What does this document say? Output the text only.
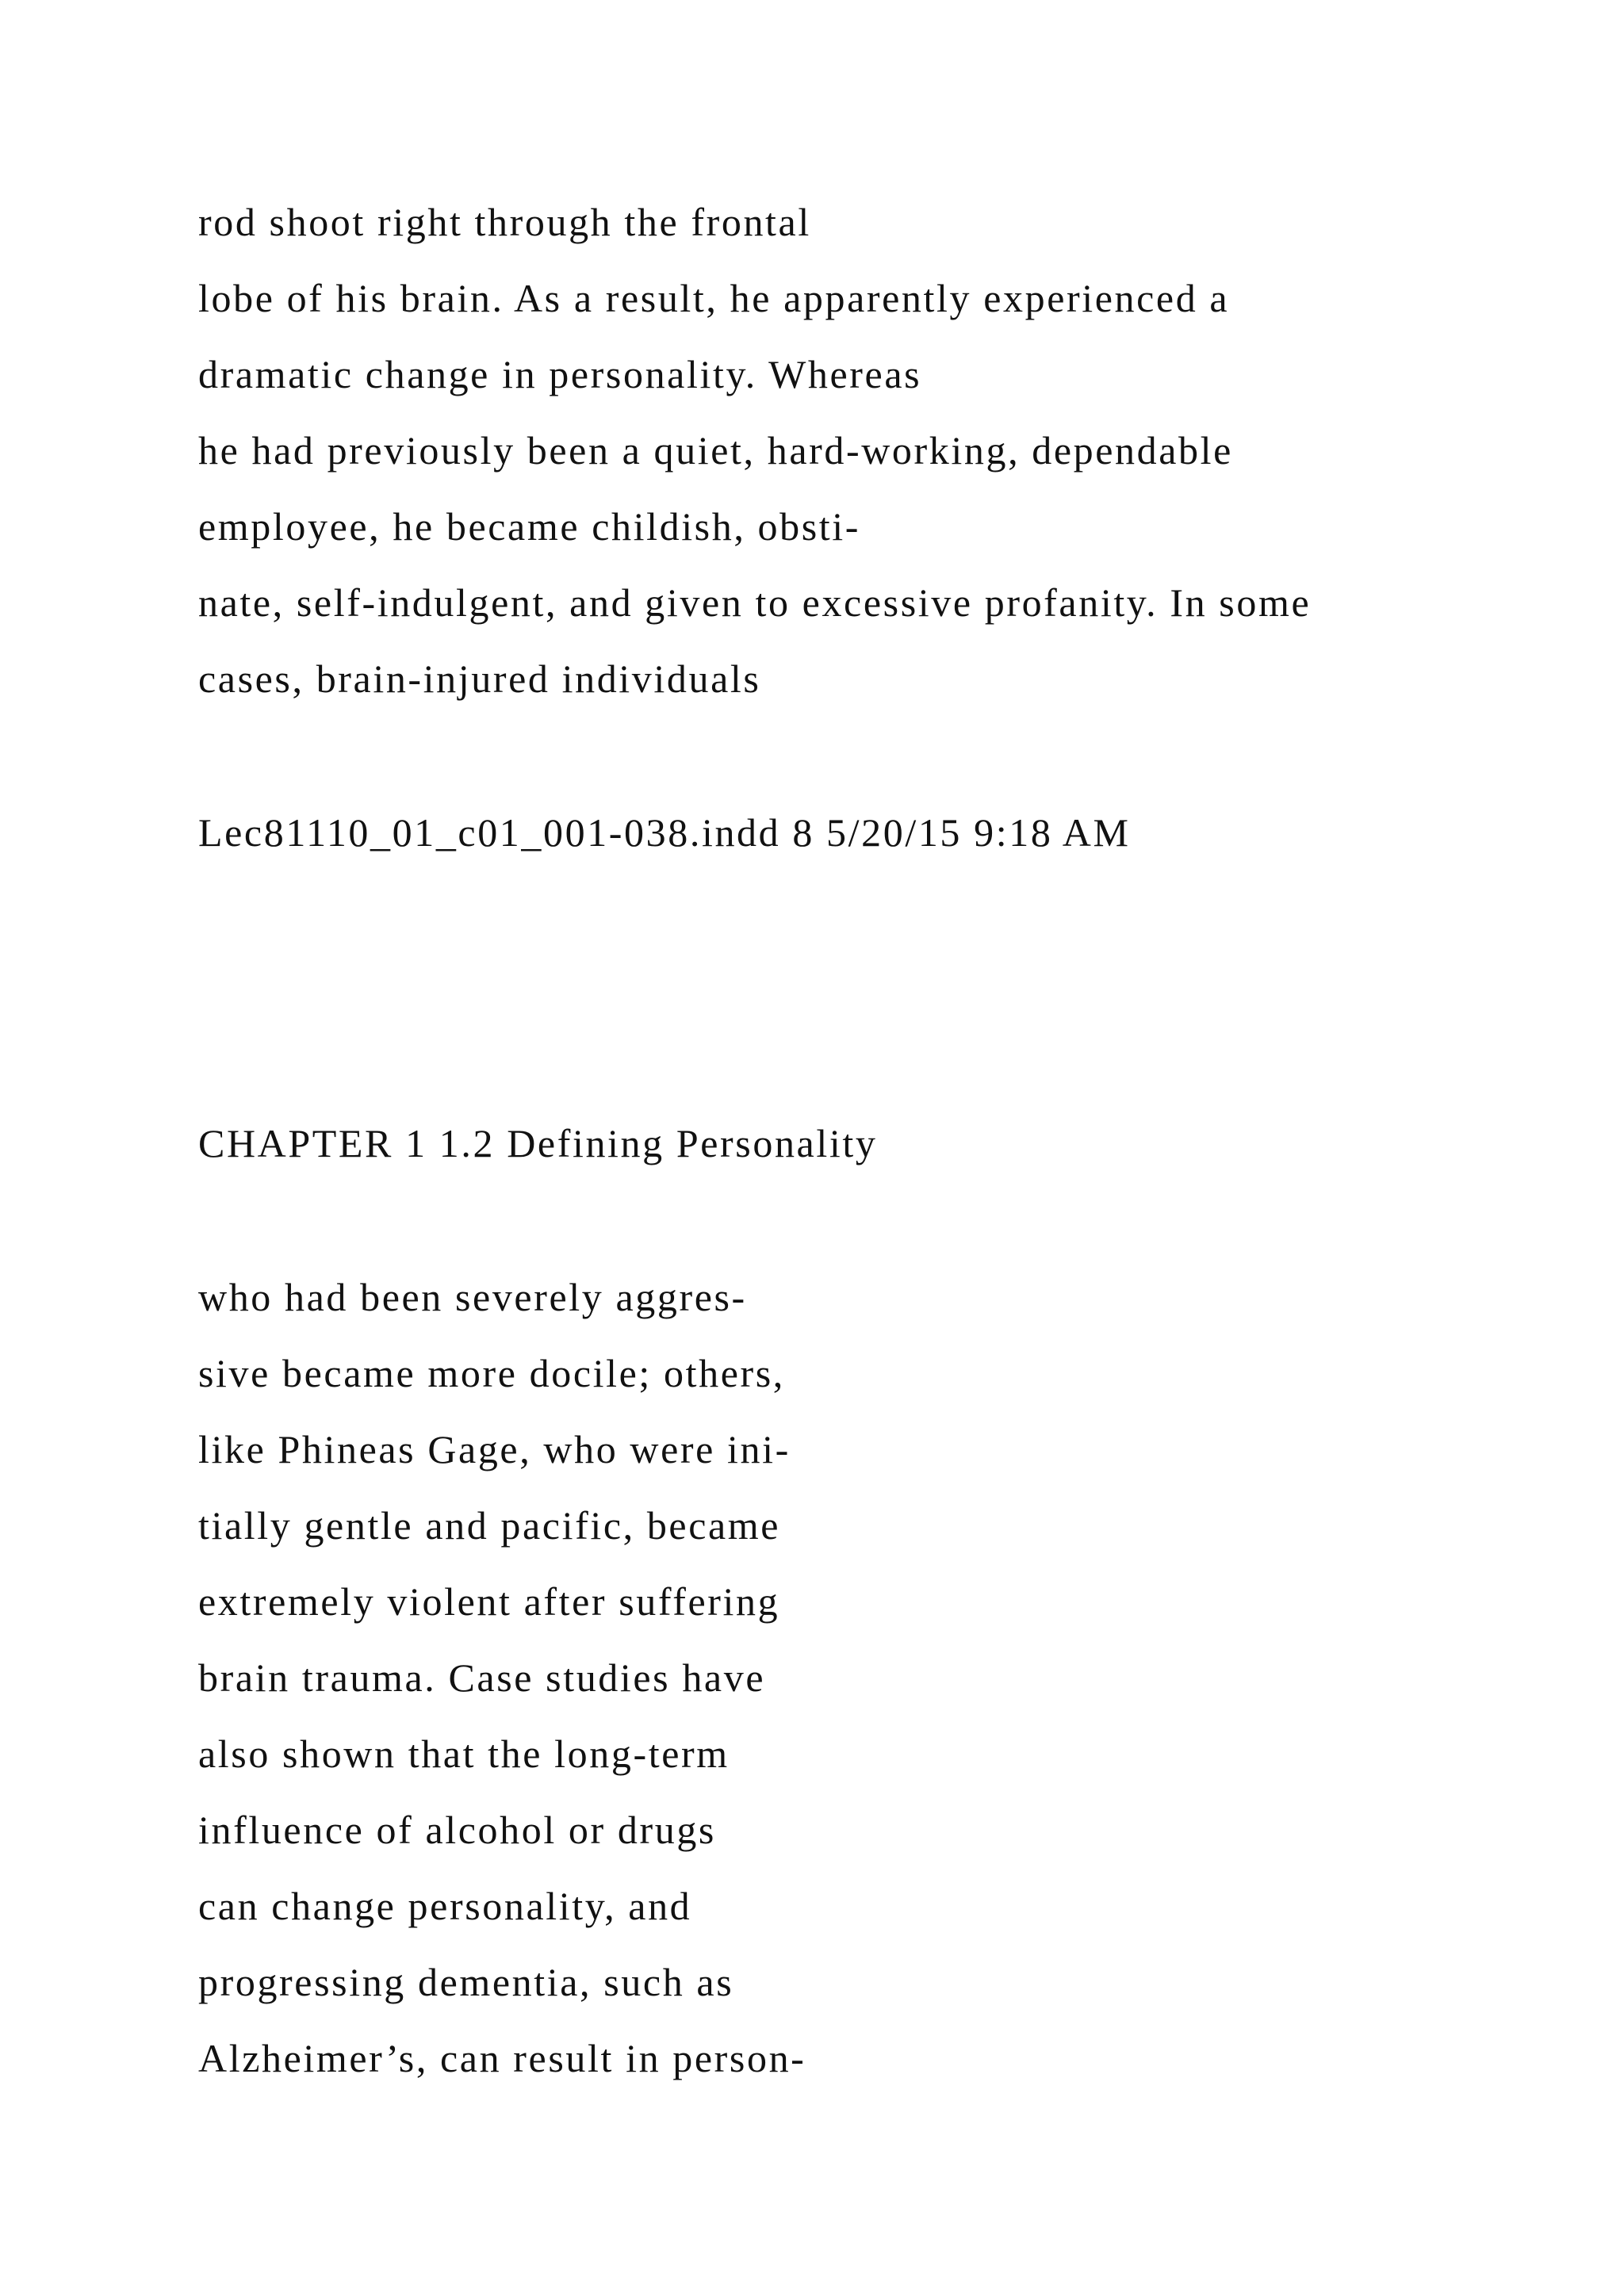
rod shoot right through the frontal
lobe of his brain. As a result, he apparently experienced a
dramatic change in personality. Whereas
he had previously been a quiet, hard-working, dependable
employee, he became childish, obsti-
nate, self-indulgent, and given to excessive profanity. In some
cases, brain-injured individuals
Lec81110_01_c01_001-038.indd 8 5/20/15 9:18 AM
CHAPTER 1 1.2 Defining Personality
who had been severely aggres-
sive became more docile; others,
like Phineas Gage, who were ini-
tially gentle and pacific, became
extremely violent after suffering
brain trauma. Case studies have
also shown that the long-term
influence of alcohol or drugs
can change personality, and
progressing dementia, such as
Alzheimer’s, can result in person-
